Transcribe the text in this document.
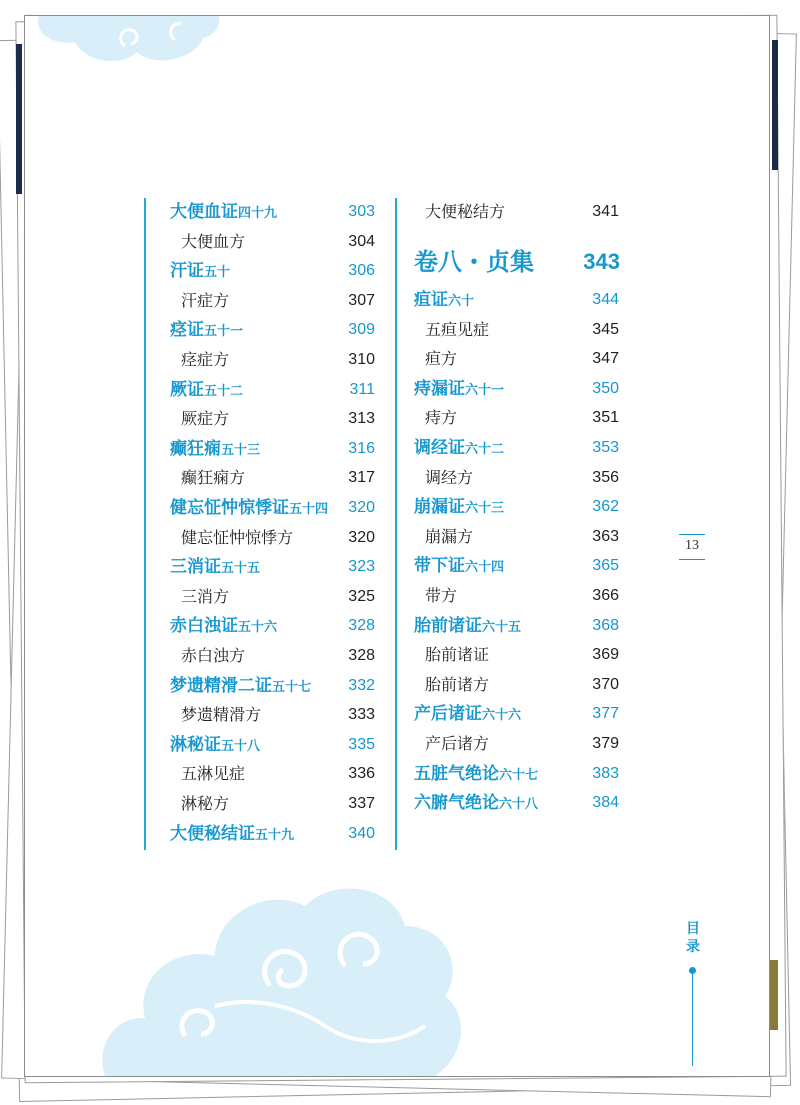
大便血证四十九	303
大便血方	304
汗证五十	306
汗症方	307
痉证五十一	309
痉症方	310
厥证五十二	311
厥症方	313
癫狂痫五十三	316
癫狂痫方	317
健忘怔忡惊悸证五十四 320
健忘怔忡惊悸方	320
三消证五十五	323
三消方	325
赤白浊证五十六	328
赤白浊方	328
梦遗精滑二证五十七 332
梦遗精滑方	333
淋秘证五十八	335
五淋见症	336
淋秘方	337
大便秘结证五十九	340
大便秘结方	341
卷八・贞集 343
疸证六十	344
五疸见症	345
疸方	347
痔漏证六十一	350
痔方	351
调经证六十二	353
调经方	356
崩漏证六十三	362
崩漏方	363
带下证六十四	365
带方	366
胎前诸证六十五	368
胎前诸证	369
胎前诸方	370
产后诸证六十六	377
产后诸方	379
五脏气绝论六十七	383
六腑气绝论六十八	384
13
目
录
